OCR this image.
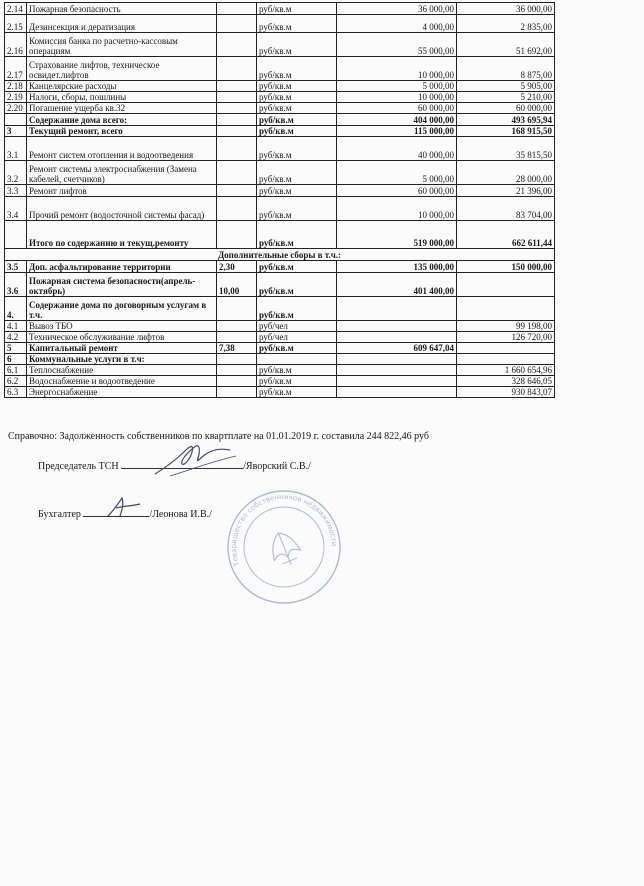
2.14	Пожарная безопасность		руб/кв.м	36 000,00	36 000,00
2.15	Дезинсекция и дератизация		руб/кв.м	4 000,00	2 835,00
2.16	Комиссия банка по расчетно-кассовым операциям		руб/кв.м	55 000,00	51 692,00
2.17	Страхование лифтов, техническое освидет.лифтов		руб/кв.м	10 000,00	8 875,00
2.18	Канцелярские расходы		руб/кв.м	5 000,00	5 905,00
2.19	Налоги, сборы, пошлины		руб/кв.м	10 000,00	5 210,00
2.20	Погашение ущерба кв.32		руб/кв.м	60 000,00	60 000,00
	Содержание дома всего:		руб/кв.м	404 000,00	493 695,94
3	Текущий ремонт, всего		руб/кв.м	115 000,00	168 915,50
3.1	Ремонт систем отопления и водоотведения		руб/кв.м	40 000,00	35 815,50
3.2	Ремонт системы электроснабжения (Замена кабелей, счетчиков)		руб/кв.м	5 000,00	28 000,00
3.3	Ремонт лифтов		руб/кв.м	60 000,00	21 396,00
3.4	Прочий ремонт (водосточной системы фасад)		руб/кв.м	10 000,00	83 704,00
	Итого по содержанию и текущ.ремонту		руб/кв.м	519 000,00	662 611,44
Дополнительные сборы в т.ч.:					
3.5	Доп. асфальтирование территории	2,30	руб/кв.м	135 000,00	150 000,00
3.6	Пожарная система безопасности(апрель-октябрь)	10,00	руб/кв.м	401 400,00	
4.	Содержание дома по договорным услугам в т.ч.		руб/кв.м		
4.1	Вывоз ТБО		руб/чел		99 198,00
4.2	Техническое обслуживание лифтов		руб/чел		126 720,00
5	Капитальный ремонт	7,38	руб/кв.м	609 647,04	
6	Коммунальные услуги в т.ч:				
6.1	Теплоснабжение		руб/кв.м		1 660 654,96
6.2	Водоснабжение и водоотведение		руб/кв.м		328 646,05
6.3	Энергоснабжение		руб/кв.м		930 843,07
Справочно: Задолженность собственников по квартплате на 01.01.2019 г. составила 244 822,46 руб
Председатель ТСН	/Яворский С.В./
Бухгалтер	/Леонова И.В./
Товарищество собственников недвижимости
